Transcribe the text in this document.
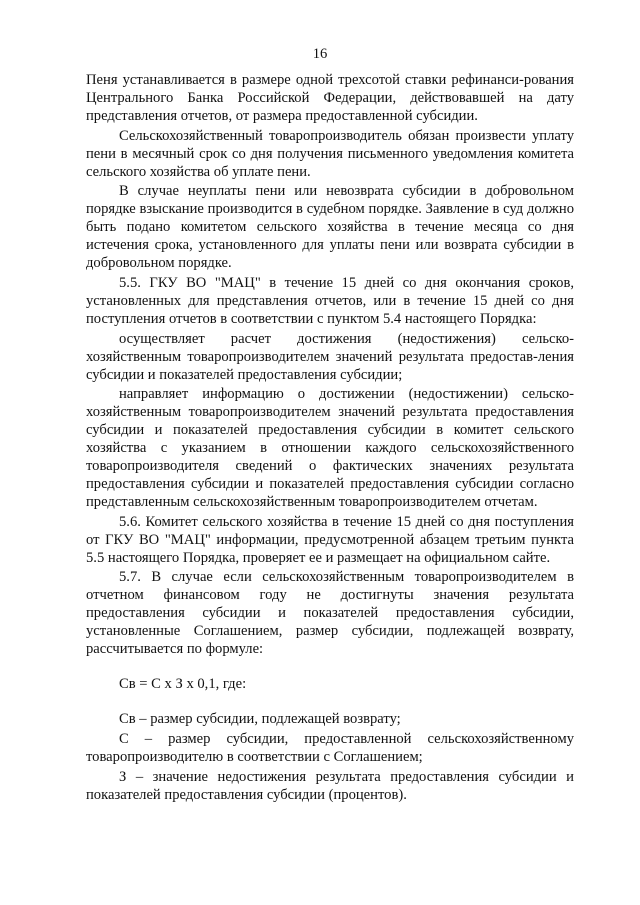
16

Пеня устанавливается в размере одной трехсотой ставки рефинанси-рования Центрального Банка Российской Федерации, действовавшей на дату представления отчетов, от размера предоставленной субсидии.

Сельскохозяйственный товаропроизводитель обязан произвести уплату пени в месячный срок со дня получения письменного уведомления комитета сельского хозяйства об уплате пени.

В случае неуплаты пени или невозврата субсидии в добровольном порядке взыскание производится в судебном порядке. Заявление в суд должно быть подано комитетом сельского хозяйства в течение месяца со дня истечения срока, установленного для уплаты пени или возврата субсидии в добровольном порядке.

5.5. ГКУ ВО "МАЦ" в течение 15 дней со дня окончания сроков, установленных для представления отчетов, или в течение 15 дней со дня поступления отчетов в соответствии с пунктом 5.4 настоящего Порядка:

осуществляет расчет достижения (недостижения) сельско-хозяйственным товаропроизводителем значений результата предостав-ления субсидии и показателей предоставления субсидии;

направляет информацию о достижении (недостижении) сельско-хозяйственным товаропроизводителем значений результата предоставления субсидии и показателей предоставления субсидии в комитет сельского хозяйства с указанием в отношении каждого сельскохозяйственного товаропроизводителя сведений о фактических значениях результата предоставления субсидии и показателей предоставления субсидии согласно представленным сельскохозяйственным товаропроизводителем отчетам.

5.6. Комитет сельского хозяйства в течение 15 дней со дня поступления от ГКУ ВО "МАЦ" информации, предусмотренной абзацем третьим пункта 5.5 настоящего Порядка, проверяет ее и размещает на официальном сайте.

5.7. В случае если сельскохозяйственным товаропроизводителем в отчетном финансовом году не достигнуты значения результата предоставления субсидии и показателей предоставления субсидии, установленные Соглашением, размер субсидии, подлежащей возврату, рассчитывается по формуле:

Св = С х З х 0,1, где:

Св – размер субсидии, подлежащей возврату;

С – размер субсидии, предоставленной сельскохозяйственному товаропроизводителю в соответствии с Соглашением;

З – значение недостижения результата предоставления субсидии и показателей предоставления субсидии (процентов).
